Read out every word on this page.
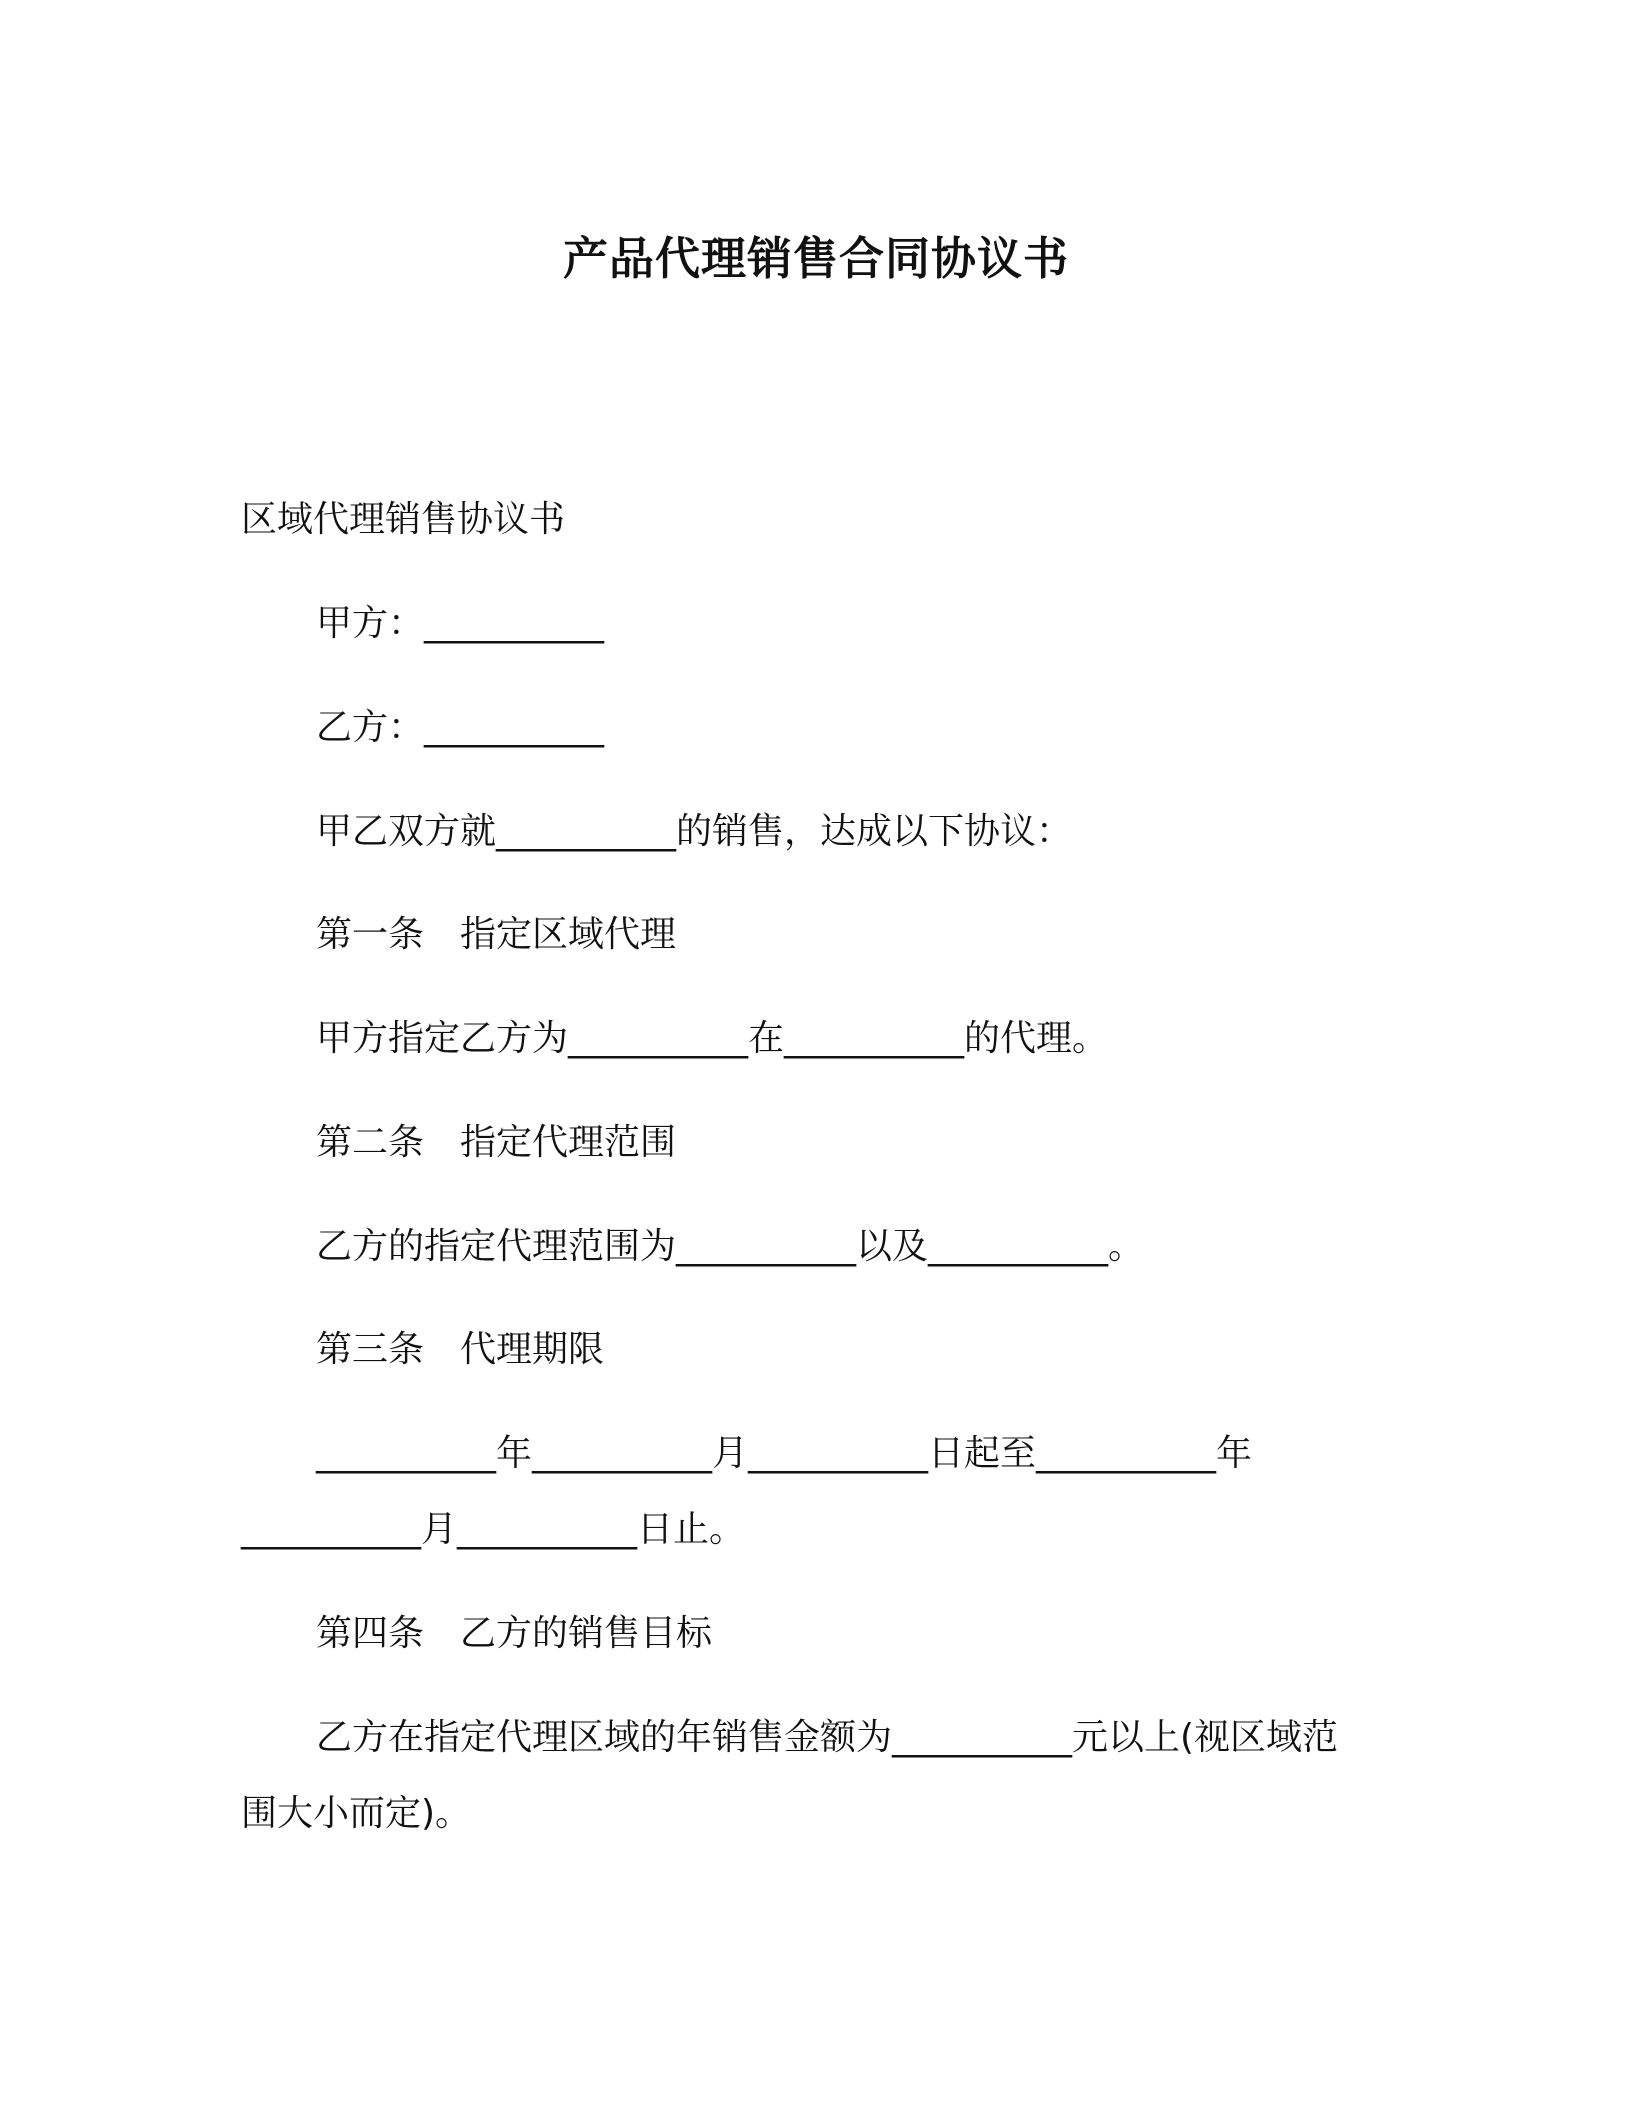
产品代理销售合同协议书
区域代理销售协议书
甲方：__________
乙方：__________
甲乙双方就__________的销售，达成以下协议：
第一条 指定区域代理
甲方指定乙方为__________在__________的代理。
第二条 指定代理范围
乙方的指定代理范围为__________以及__________。
第三条 代理期限
__________年__________月__________日起至__________年
__________月__________日止。
第四条 乙方的销售目标
乙方在指定代理区域的年销售金额为__________元以上(视区域范
围大小而定)。
